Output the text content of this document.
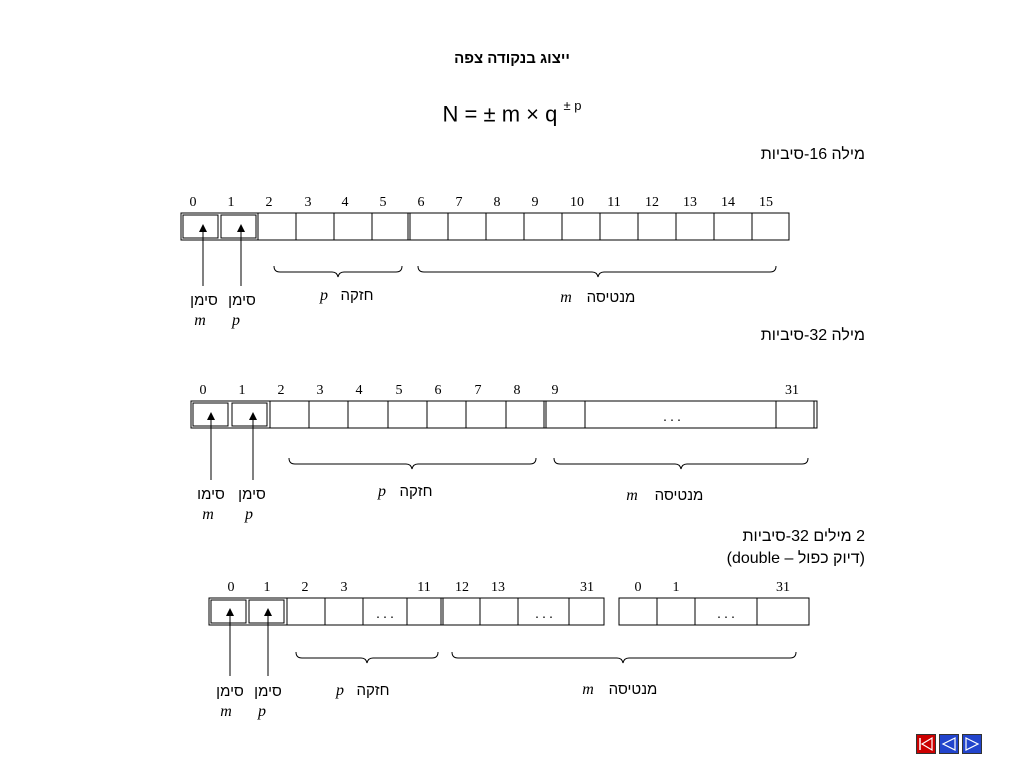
ייצוג בנקודה צפה
N = ± m × q $^{\pm p}$
מילה 16-סיביות
מילה 32-סיביות
2 מילים 32-סיביות
(דיוק כפול – double)
0 1 2 3 4 5 6 7 8 9 10 11 12 13 14 15
סימן
m
סימן
p
p חזקה	m מנטיסה
0 1 2 3 4 5 6 7 8 9	31
. . .
סימו
m
סימן
p
p חזקה	m מנטיסה
0 1 2 3	11 12 13	31	0 1	31
. . .	. . .	. . .
סימן
m
סימן
p
p חזקה	m מנטיסה
